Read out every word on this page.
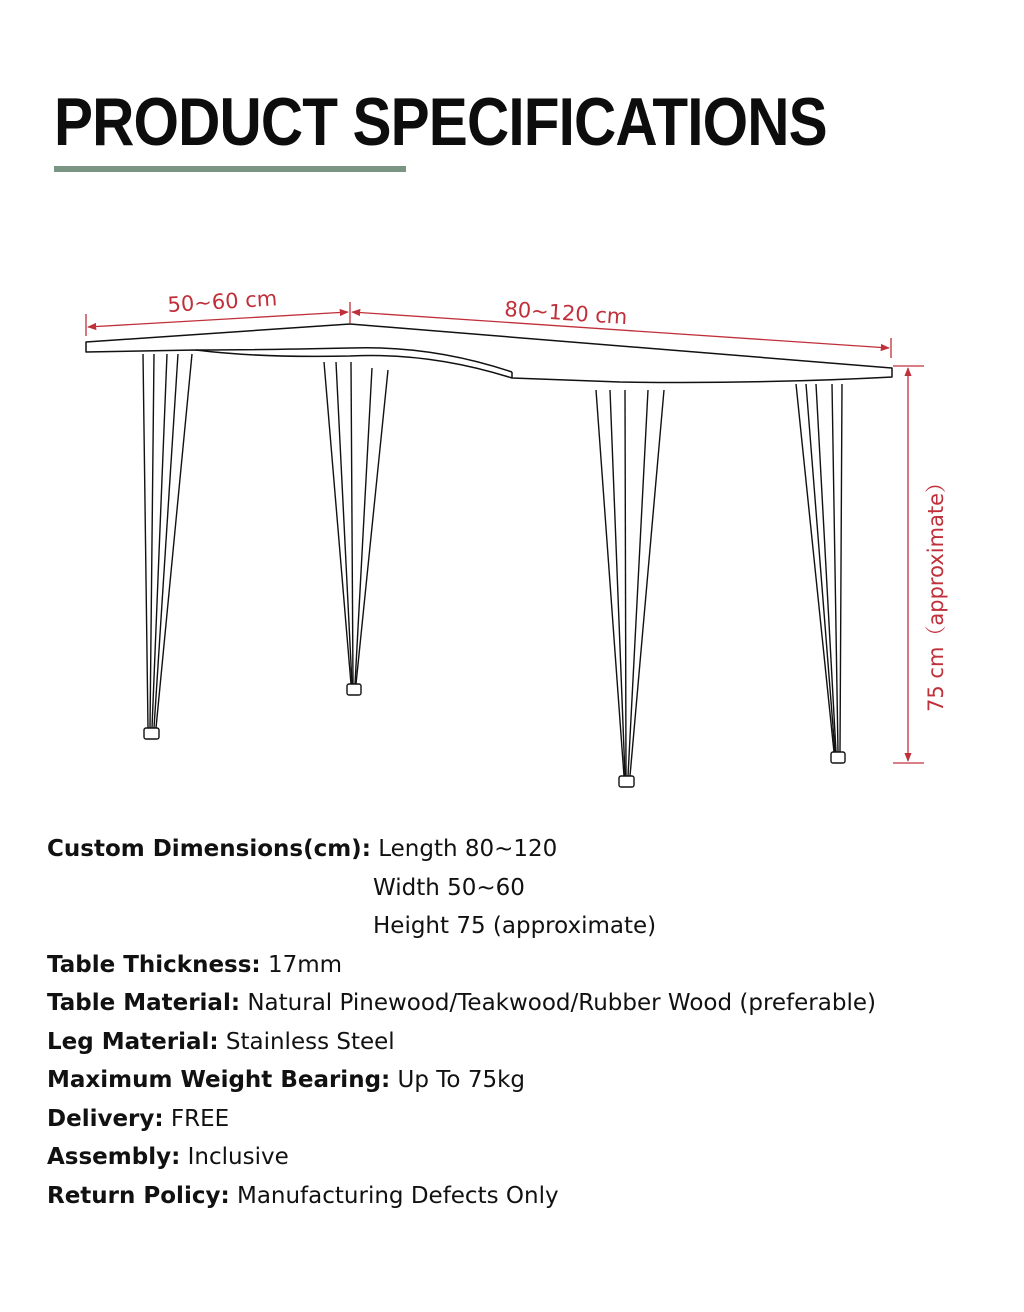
PRODUCT SPECIFICATIONS
50~60 cm	80~120 cm
75 cm（approximate）
Custom Dimensions(cm): Length 80~120
Width 50~60
Height 75 (approximate)
Table Thickness: 17mm
Table Material: Natural Pinewood/Teakwood/Rubber Wood (preferable)
Leg Material: Stainless Steel
Maximum Weight Bearing: Up To 75kg
Delivery: FREE
Assembly: Inclusive
Return Policy: Manufacturing Defects Only
